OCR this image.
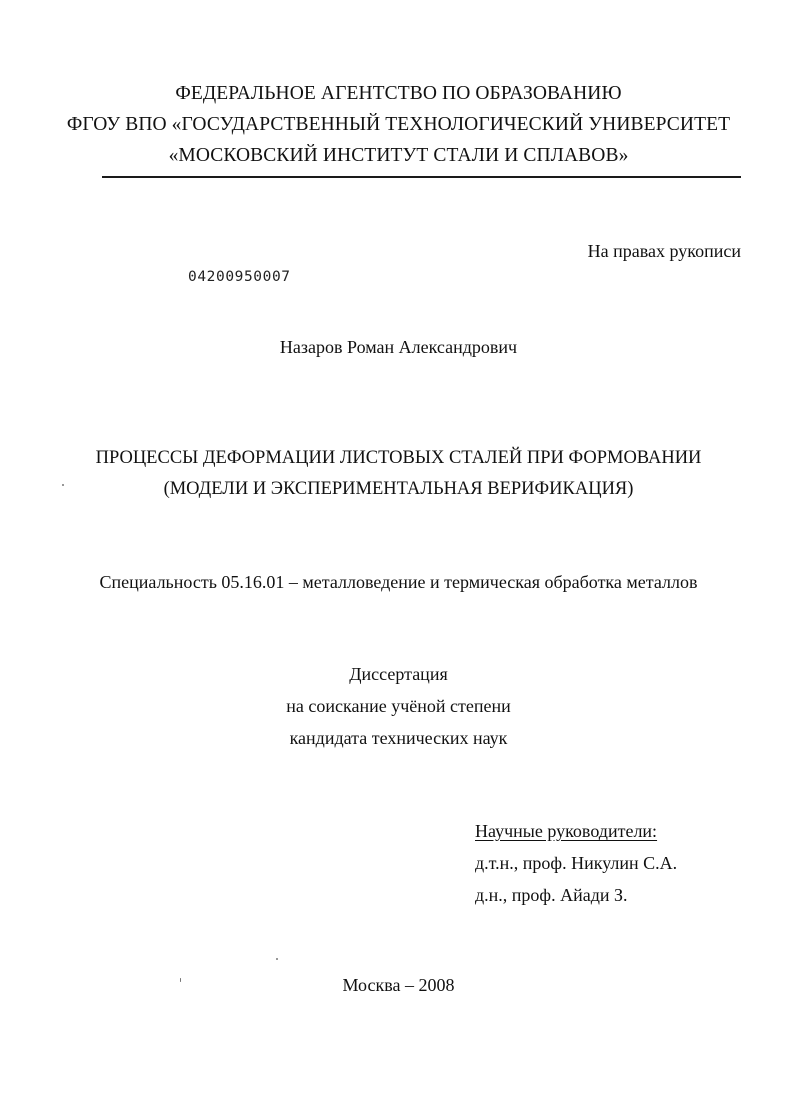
ФЕДЕРАЛЬНОЕ АГЕНТСТВО ПО ОБРАЗОВАНИЮ
ФГОУ ВПО «ГОСУДАРСТВЕННЫЙ ТЕХНОЛОГИЧЕСКИЙ УНИВЕРСИТЕТ
«МОСКОВСКИЙ ИНСТИТУТ СТАЛИ И СПЛАВОВ»
На правах рукописи
04200950007
Назаров Роман Александрович
ПРОЦЕССЫ ДЕФОРМАЦИИ ЛИСТОВЫХ СТАЛЕЙ ПРИ ФОРМОВАНИИ
(МОДЕЛИ И ЭКСПЕРИМЕНТАЛЬНАЯ ВЕРИФИКАЦИЯ)
Специальность 05.16.01 – металловедение и термическая обработка металлов
Диссертация
на соискание учёной степени
кандидата технических наук
Научные руководители:
д.т.н., проф. Никулин С.А.
д.н., проф. Айади З.
Москва – 2008
